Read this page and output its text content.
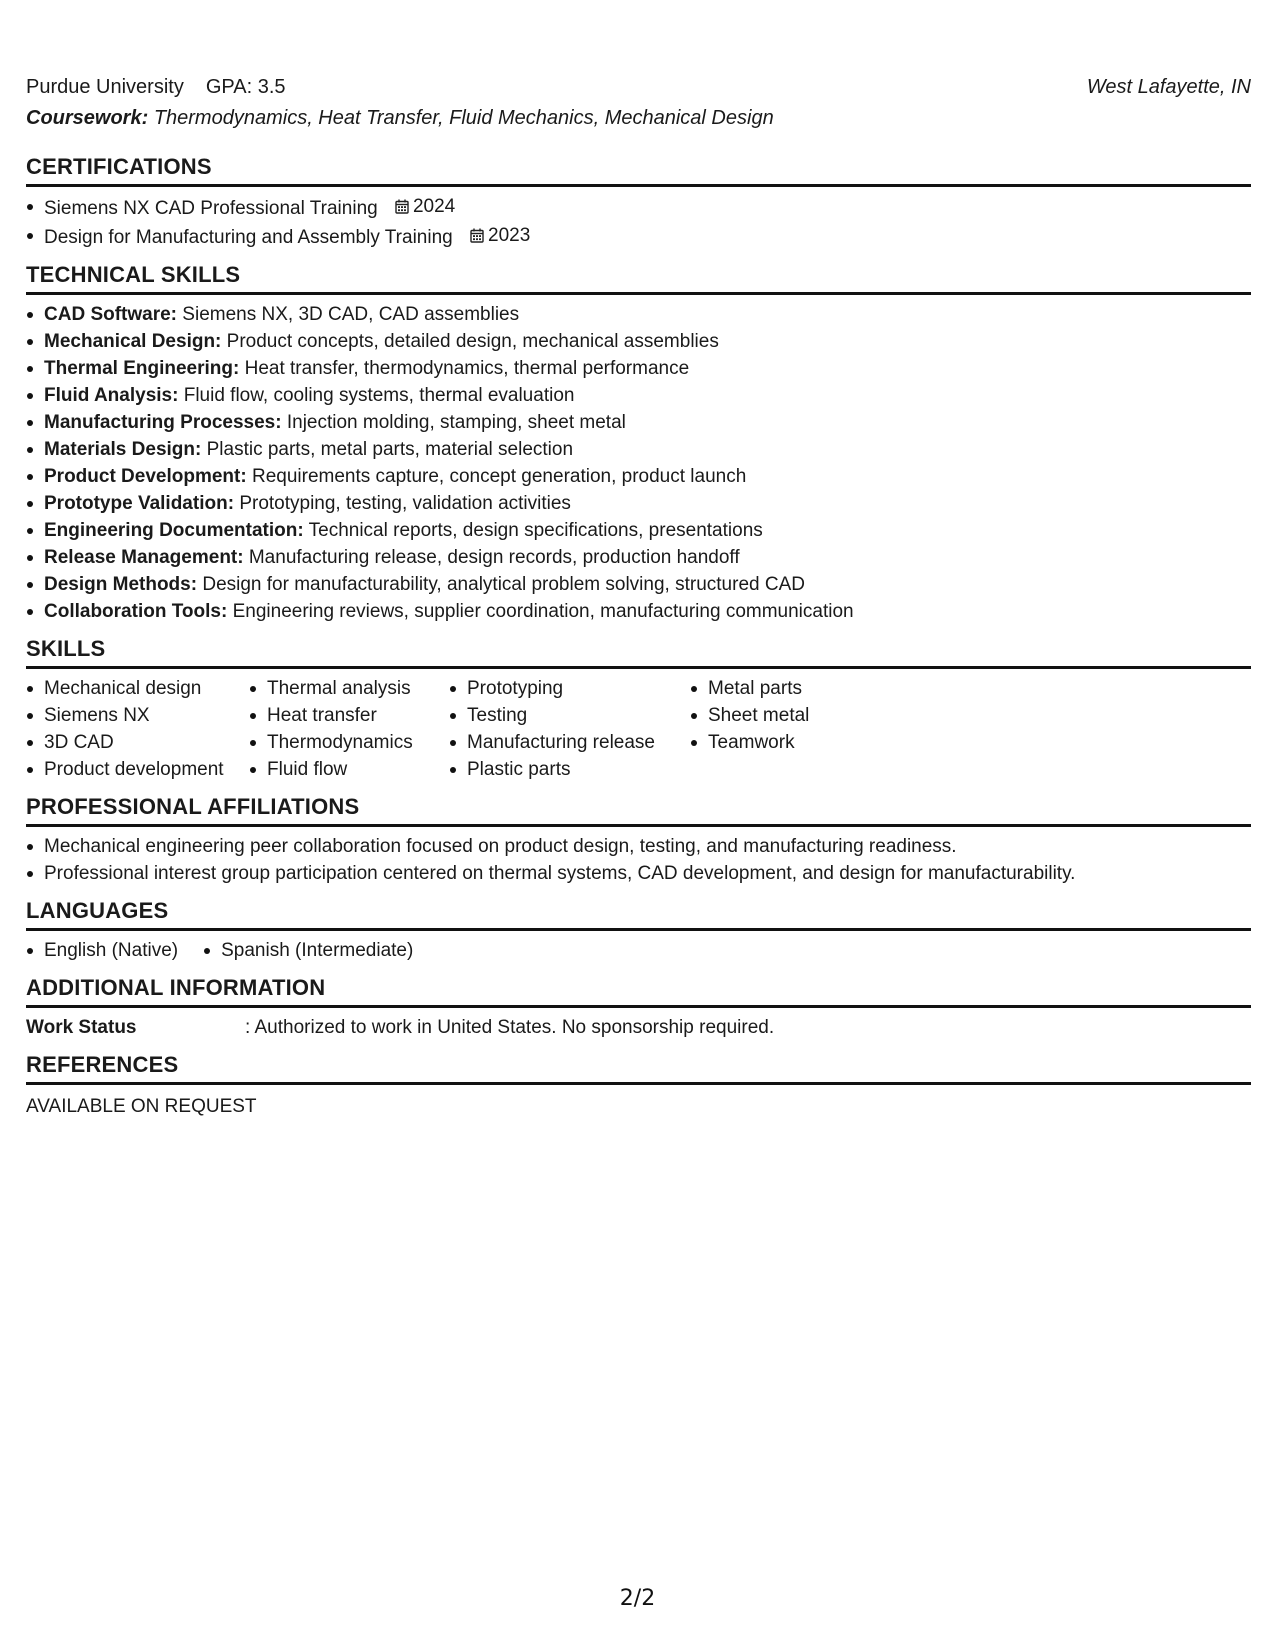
Purdue University GPA: 3.5	West Lafayette, IN
Coursework: Thermodynamics, Heat Transfer, Fluid Mechanics, Mechanical Design
CERTIFICATIONS
Siemens NX CAD Professional Training 2024
Design for Manufacturing and Assembly Training 2023
TECHNICAL SKILLS
CAD Software: Siemens NX, 3D CAD, CAD assemblies
Mechanical Design: Product concepts, detailed design, mechanical assemblies
Thermal Engineering: Heat transfer, thermodynamics, thermal performance
Fluid Analysis: Fluid flow, cooling systems, thermal evaluation
Manufacturing Processes: Injection molding, stamping, sheet metal
Materials Design: Plastic parts, metal parts, material selection
Product Development: Requirements capture, concept generation, product launch
Prototype Validation: Prototyping, testing, validation activities
Engineering Documentation: Technical reports, design specifications, presentations
Release Management: Manufacturing release, design records, production handoff
Design Methods: Design for manufacturability, analytical problem solving, structured CAD
Collaboration Tools: Engineering reviews, supplier coordination, manufacturing communication
SKILLS
Mechanical design
Siemens NX
3D CAD
Product development
Thermal analysis
Heat transfer
Thermodynamics
Fluid flow
Prototyping
Testing
Manufacturing release
Plastic parts
Metal parts
Sheet metal
Teamwork
PROFESSIONAL AFFILIATIONS
Mechanical engineering peer collaboration focused on product design, testing, and manufacturing readiness.
Professional interest group participation centered on thermal systems, CAD development, and design for manufacturability.
LANGUAGES
English (Native) Spanish (Intermediate)
ADDITIONAL INFORMATION
Work Status	: Authorized to work in United States. No sponsorship required.
REFERENCES
AVAILABLE ON REQUEST
2/2
